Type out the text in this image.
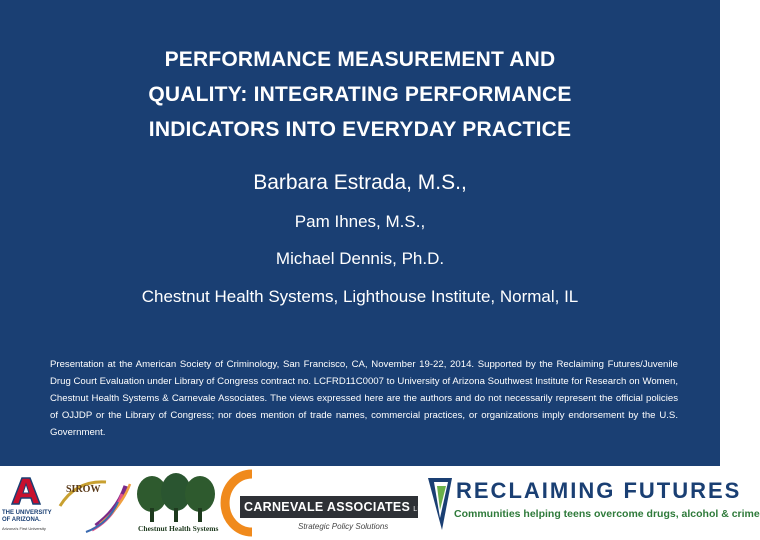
PERFORMANCE MEASUREMENT AND
QUALITY: INTEGRATING PERFORMANCE
INDICATORS INTO EVERYDAY PRACTICE
Barbara Estrada, M.S.,
Pam Ihnes, M.S.,
Michael Dennis, Ph.D.
Chestnut Health Systems, Lighthouse Institute, Normal, IL
Presentation at the American Society of Criminology, San Francisco, CA, November 19-22, 2014. Supported by the Reclaiming Futures/Juvenile Drug Court Evaluation under Library of Congress contract no. LCFRD11C0007 to University of Arizona Southwest Institute for Research on Women, Chestnut Health Systems & Carnevale Associates. The views expressed here are the authors and do not necessarily represent the official policies of OJJDP or the Library of Congress; nor does mention of trade names, commercial practices, or organizations imply endorsement by the U.S. Government.
THE UNIVERSITY
OF ARIZONA.
Arizona's First University
SIROW
Chestnut Health Systems
CARNEVALE ASSOCIATES LLC
Strategic Policy Solutions
RECLAIMING FUTURES
Communities helping teens overcome drugs, alcohol & crime
